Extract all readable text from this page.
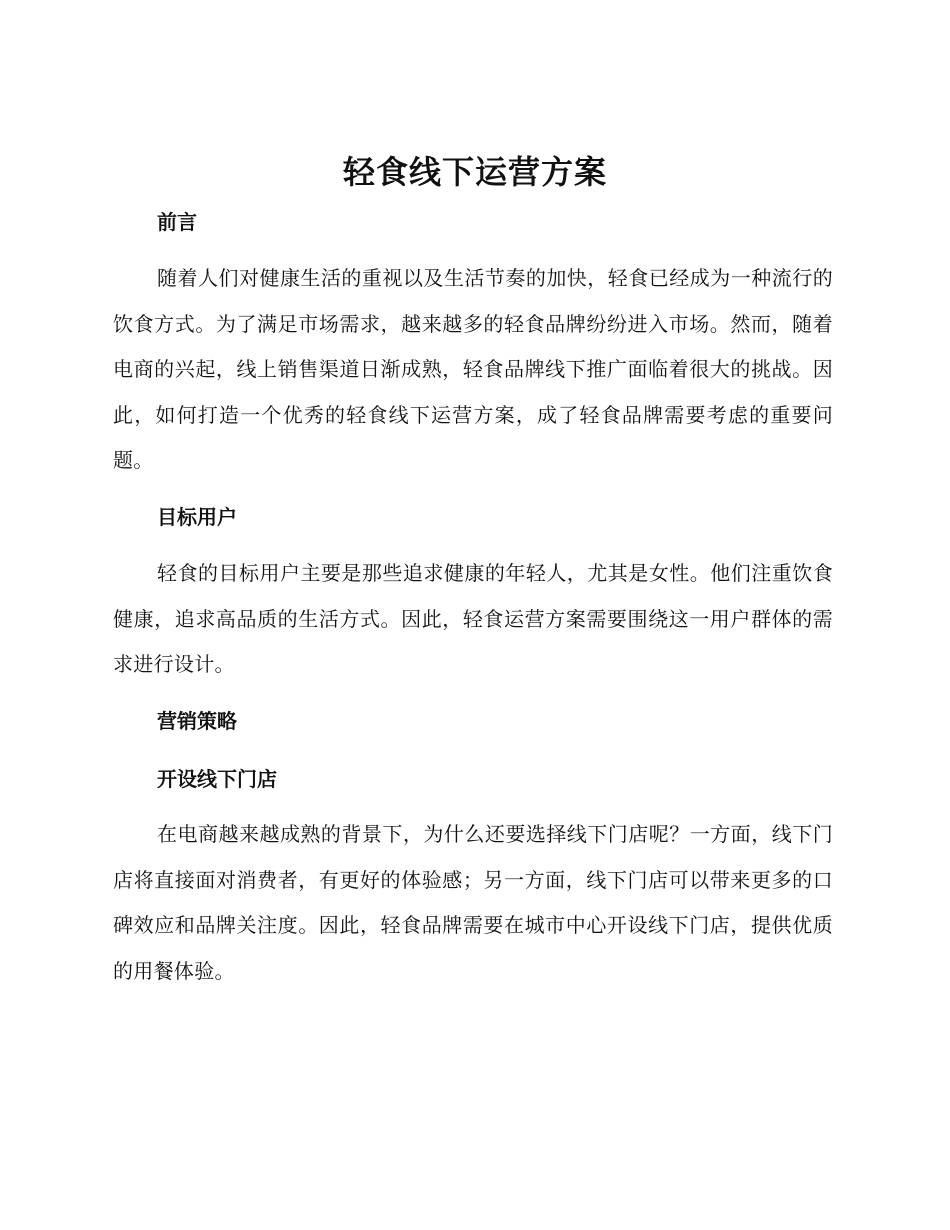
轻食线下运营方案
前言

随着人们对健康生活的重视以及生活节奏的加快，轻食已经成为一种流行的饮食方式。为了满足市场需求，越来越多的轻食品牌纷纷进入市场。然而，随着电商的兴起，线上销售渠道日渐成熟，轻食品牌线下推广面临着很大的挑战。因此，如何打造一个优秀的轻食线下运营方案，成了轻食品牌需要考虑的重要问题。

目标用户

轻食的目标用户主要是那些追求健康的年轻人，尤其是女性。他们注重饮食健康，追求高品质的生活方式。因此，轻食运营方案需要围绕这一用户群体的需求进行设计。

营销策略
开设线下门店

在电商越来越成熟的背景下，为什么还要选择线下门店呢？一方面，线下门店将直接面对消费者，有更好的体验感；另一方面，线下门店可以带来更多的口碑效应和品牌关注度。因此，轻食品牌需要在城市中心开设线下门店，提供优质的用餐体验。
